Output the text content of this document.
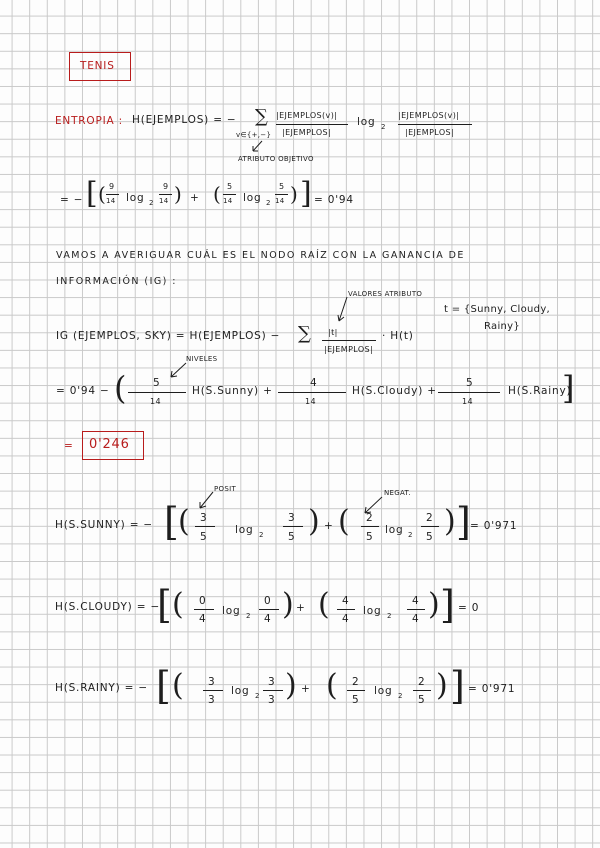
TENIS
ENTROPIA : H(EJEMPLOS) = − ∑
v∈{+,−}
|EJEMPLOS(v)|
|EJEMPLOS|
log 2
|EJEMPLOS(v)|
|EJEMPLOS|
ATRIBUTO OBJETIVO
= − [ ( 9
14 log 2
9
14 ) + ( 5
14 log 2
5
14 ) ] = 0'94
VAMOS A AVERIGUAR CUÁL ES EL NODO RAÍZ CON LA GANANCIA DE
INFORMACIÓN (IG) :
VALORES ATRIBUTO
t = {Sunny, Cloudy,
Rainy}
IG (EJEMPLOS, SKY) = H(EJEMPLOS) − ∑ |t|
|EJEMPLOS|
· H(t)
NIVELES
= 0'94 − (	5
14
H(S.Sunny) +
4
14
H(S.Cloudy) +
5
14
H(S.Rainy)
]
= 0'246
POSIT	NEGAT.
H(S.SUNNY) = − [ ( 3
5
log 2
3
5 ) + ( 2
5
log 2
2
5 ) ] = 0'971
H(S.CLOUDY) = −
[ ( 0
4
log 2
0
4 ) + ( 4
4
log 2
4
4 ) ] = 0
H(S.RAINY) = − [ ( 3
3
log 2
3
3 ) + ( 2
5
log 2
2
5 ) ] = 0'971
